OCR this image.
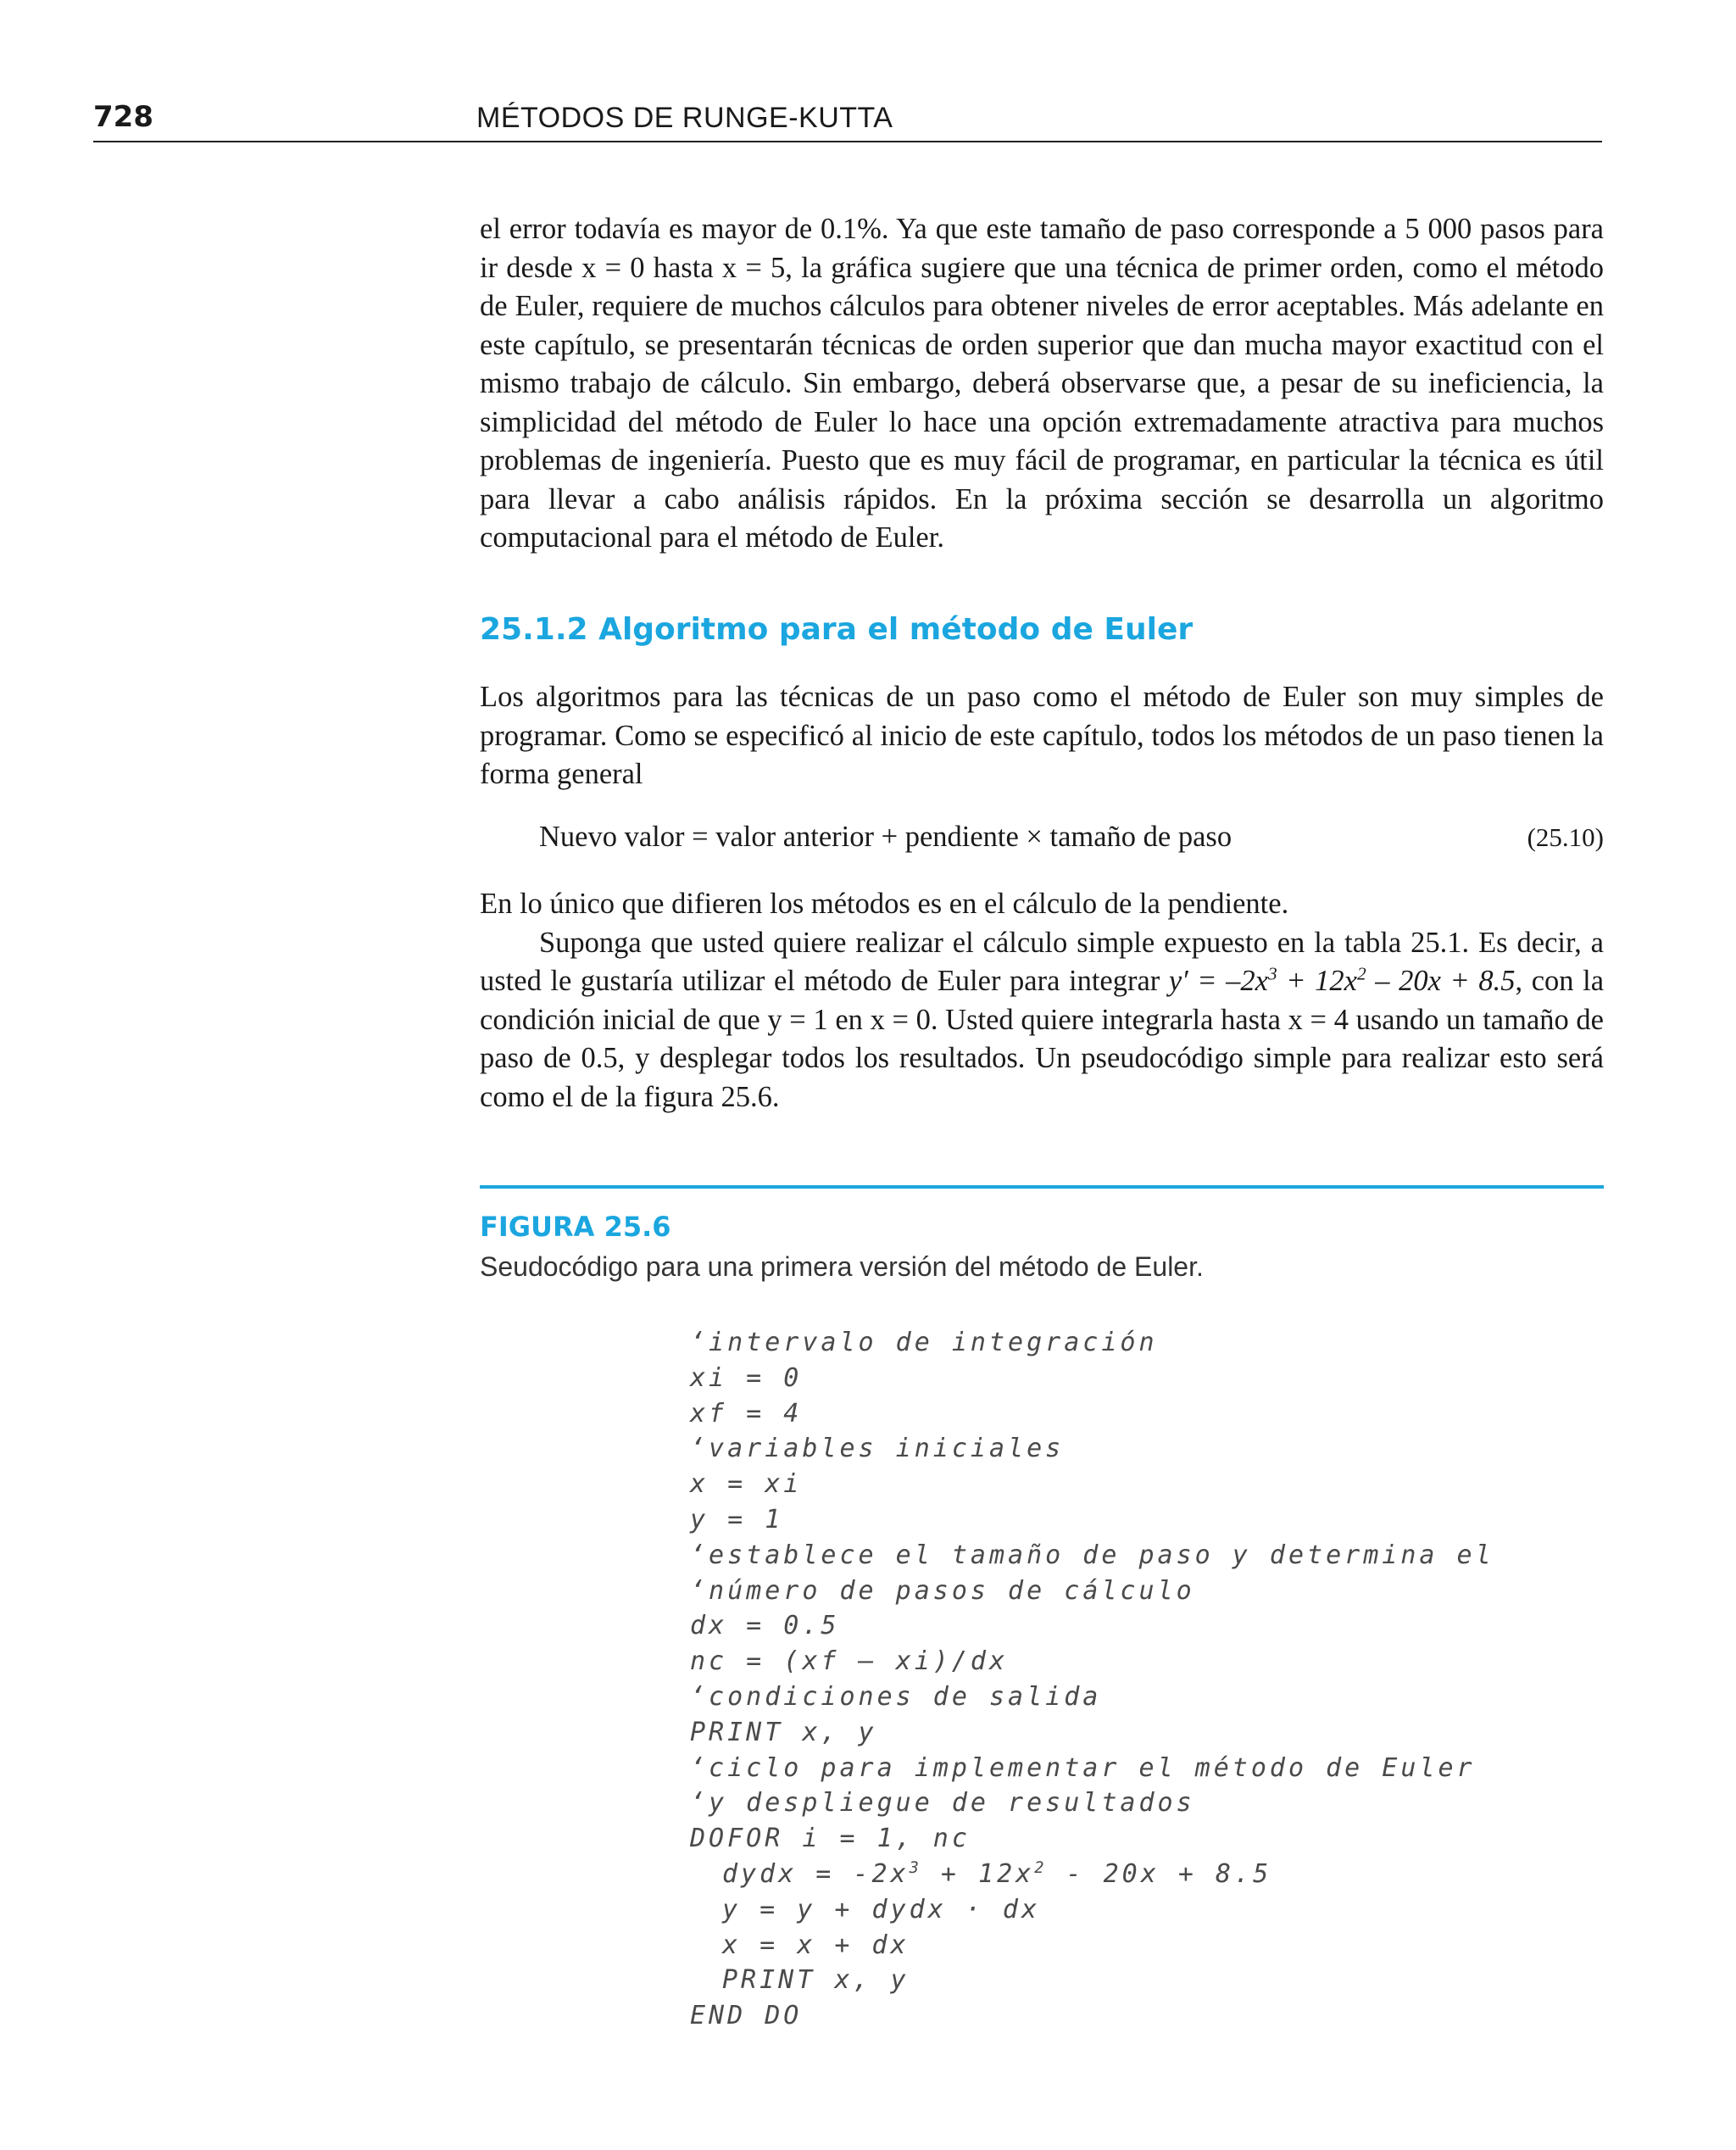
728	MÉTODOS DE RUNGE-KUTTA

el error todavía es mayor de 0.1%. Ya que este tamaño de paso corresponde a 5 000 pasos para ir desde x = 0 hasta x = 5, la gráfica sugiere que una técnica de primer orden, como el método de Euler, requiere de muchos cálculos para obtener niveles de error aceptables. Más adelante en este capítulo, se presentarán técnicas de orden superior que dan mucha mayor exactitud con el mismo trabajo de cálculo. Sin embargo, deberá observarse que, a pesar de su ineficiencia, la simplicidad del método de Euler lo hace una opción extremadamente atractiva para muchos problemas de ingeniería. Puesto que es muy fácil de programar, en particular la técnica es útil para llevar a cabo análisis rápidos. En la próxima sección se desarrolla un algoritmo computacional para el método de Euler.

25.1.2 Algoritmo para el método de Euler

Los algoritmos para las técnicas de un paso como el método de Euler son muy simples de programar. Como se especificó al inicio de este capítulo, todos los métodos de un paso tienen la forma general

Nuevo valor = valor anterior + pendiente × tamaño de paso	(25.10)

En lo único que difieren los métodos es en el cálculo de la pendiente.

Suponga que usted quiere realizar el cálculo simple expuesto en la tabla 25.1. Es decir, a usted le gustaría utilizar el método de Euler para integrar $y' = -2x^3 + 12x^2 - 20x + 8.5$, con la condición inicial de que y = 1 en x = 0. Usted quiere integrarla hasta x = 4 usando un tamaño de paso de 0.5, y desplegar todos los resultados. Un pseudocódigo simple para realizar esto será como el de la figura 25.6.

FIGURA 25.6
Seudocódigo para una primera versión del método de Euler.
‘intervalo de integración
xi = 0
xf = 4
‘variables iniciales
x = xi
y = 1
‘establece el tamaño de paso y determina el
‘número de pasos de cálculo
dx = 0.5
nc = (xf – xi)/dx
‘condiciones de salida
PRINT x, y
‘ciclo para implementar el método de Euler
‘y despliegue de resultados
DOFOR i = 1, nc
dydx = $-2x^3 + 12x^2 - 20x + 8.5$
y = y + dydx · dx
x = x + dx
PRINT x, y
END DO
